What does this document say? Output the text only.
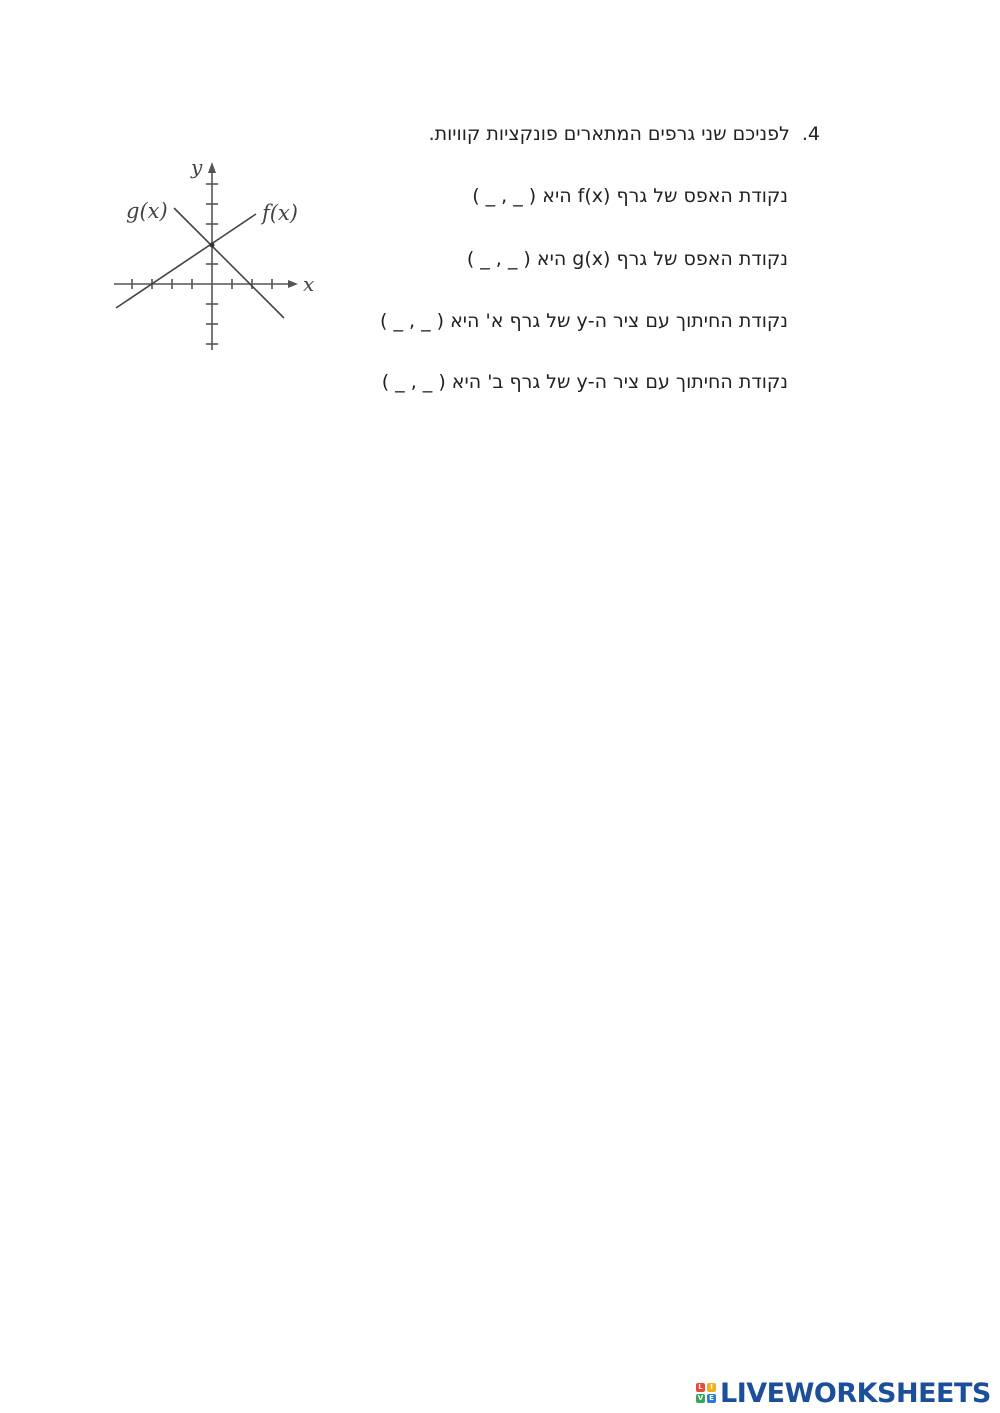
y
x
g(x)	f(x)
4.  לפניכם שני גרפים המתארים פונקציות קוויות.
נקודת האפס של גרף f(x) היא ( _ , _ )
נקודת האפס של גרף g(x) היא ( _ , _ )
נקודת החיתוך עם ציר ה-y של גרף א' היא ( _ , _ )
נקודת החיתוך עם ציר ה-y של גרף ב' היא ( _ , _ )
L	I
V E LIVEWORKSHEETS
